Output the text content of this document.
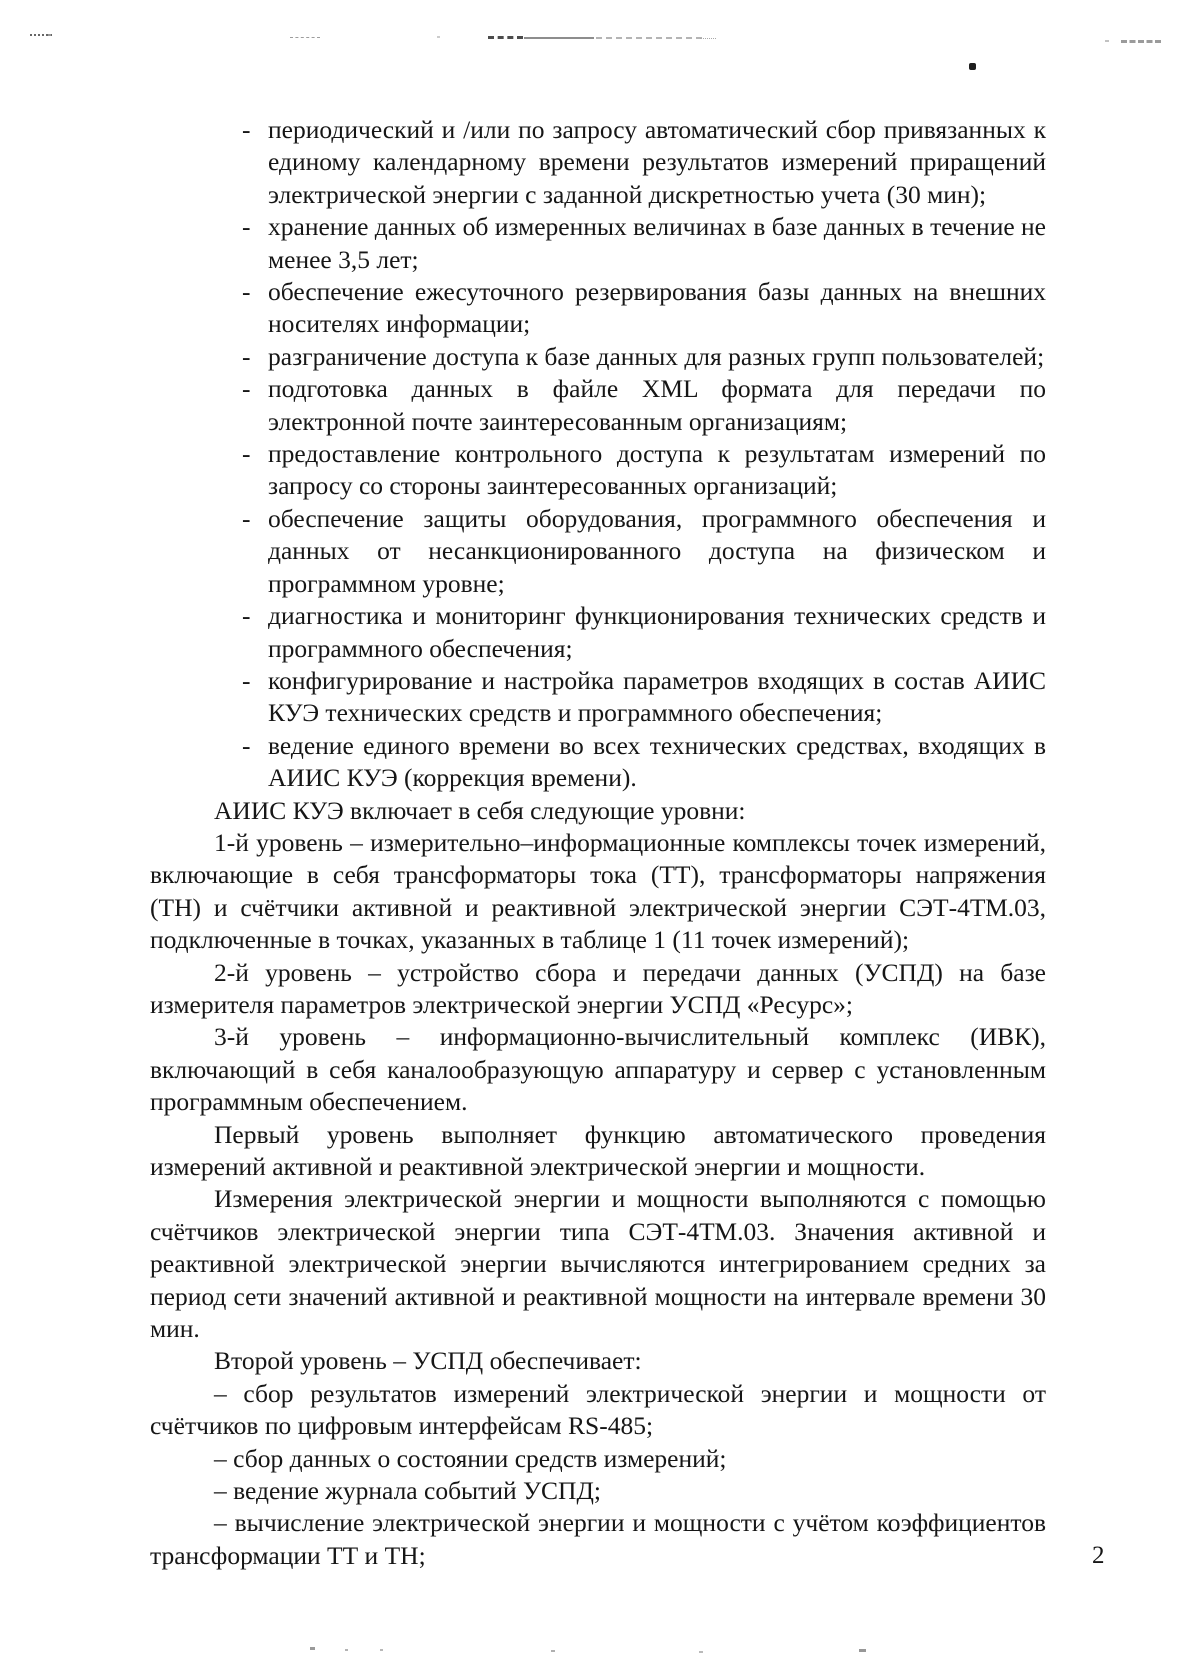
- периодический и /или по запросу автоматический сбор привязанных к единому календарному времени результатов измерений приращений электрической энергии с заданной дискретностью учета (30 мин);
- хранение данных об измеренных величинах в базе данных в течение не менее 3,5 лет;
- обеспечение ежесуточного резервирования базы данных на внешних носителях информации;
- разграничение доступа к базе данных для разных групп пользователей;
- подготовка данных в файле XML формата для передачи по электронной почте заинтересованным организациям;
- предоставление контрольного доступа к результатам измерений по запросу со стороны заинтересованных организаций;
- обеспечение защиты оборудования, программного обеспечения и данных от несанкционированного доступа на физическом и программном уровне;
- диагностика и мониторинг функционирования технических средств и программного обеспечения;
- конфигурирование и настройка параметров входящих в состав АИИС КУЭ технических средств и программного обеспечения;
- ведение единого времени во всех технических средствах, входящих в АИИС КУЭ (коррекция времени).

АИИС КУЭ включает в себя следующие уровни:

1-й уровень – измерительно–информационные комплексы точек измерений, включающие в себя трансформаторы тока (ТТ), трансформаторы напряжения (ТН) и счётчики активной и реактивной электрической энергии СЭТ-4ТМ.03, подключенные в точках, указанных в таблице 1 (11 точек измерений);

2-й уровень – устройство сбора и передачи данных (УСПД) на базе измерителя параметров электрической энергии УСПД «Ресурс»;

3-й уровень – информационно-вычислительный комплекс (ИВК), включающий в себя каналообразующую аппаратуру и сервер с установленным программным обеспечением.

Первый уровень выполняет функцию автоматического проведения измерений активной и реактивной электрической энергии и мощности.

Измерения электрической энергии и мощности выполняются с помощью счётчиков электрической энергии типа СЭТ-4ТМ.03. Значения активной и реактивной электрической энергии вычисляются интегрированием средних за период сети значений активной и реактивной мощности на интервале времени 30 мин.

Второй уровень – УСПД обеспечивает:

– сбор результатов измерений электрической энергии и мощности от счётчиков по цифровым интерфейсам RS-485;

– сбор данных о состоянии средств измерений;

– ведение журнала событий УСПД;

– вычисление электрической энергии и мощности с учётом коэффициентов трансформации ТТ и ТН;	2
